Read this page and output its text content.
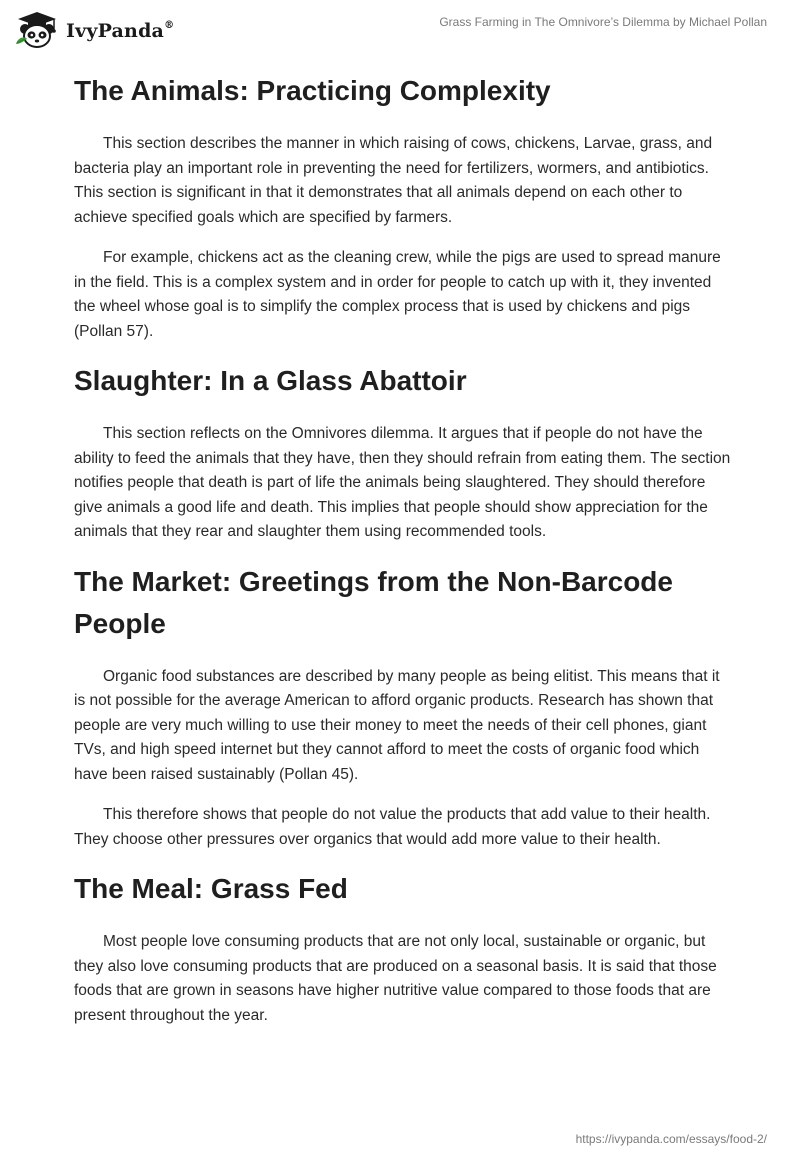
IvyPanda®	Grass Farming in The Omnivore’s Dilemma by Michael Pollan
The Animals: Practicing Complexity

This section describes the manner in which raising of cows, chickens, Larvae, grass, and bacteria play an important role in preventing the need for fertilizers, wormers, and antibiotics. This section is significant in that it demonstrates that all animals depend on each other to achieve specified goals which are specified by farmers.

For example, chickens act as the cleaning crew, while the pigs are used to spread manure in the field. This is a complex system and in order for people to catch up with it, they invented the wheel whose goal is to simplify the complex process that is used by chickens and pigs (Pollan 57).

Slaughter: In a Glass Abattoir

This section reflects on the Omnivores dilemma. It argues that if people do not have the ability to feed the animals that they have, then they should refrain from eating them. The section notifies people that death is part of life the animals being slaughtered. They should therefore give animals a good life and death. This implies that people should show appreciation for the animals that they rear and slaughter them using recommended tools.

The Market: Greetings from the Non-Barcode People

Organic food substances are described by many people as being elitist. This means that it is not possible for the average American to afford organic products. Research has shown that people are very much willing to use their money to meet the needs of their cell phones, giant TVs, and high speed internet but they cannot afford to meet the costs of organic food which have been raised sustainably (Pollan 45).

This therefore shows that people do not value the products that add value to their health. They choose other pressures over organics that would add more value to their health.

The Meal: Grass Fed

Most people love consuming products that are not only local, sustainable or organic, but they also love consuming products that are produced on a seasonal basis. It is said that those foods that are grown in seasons have higher nutritive value compared to those foods that are present throughout the year.

https://ivypanda.com/essays/food-2/
